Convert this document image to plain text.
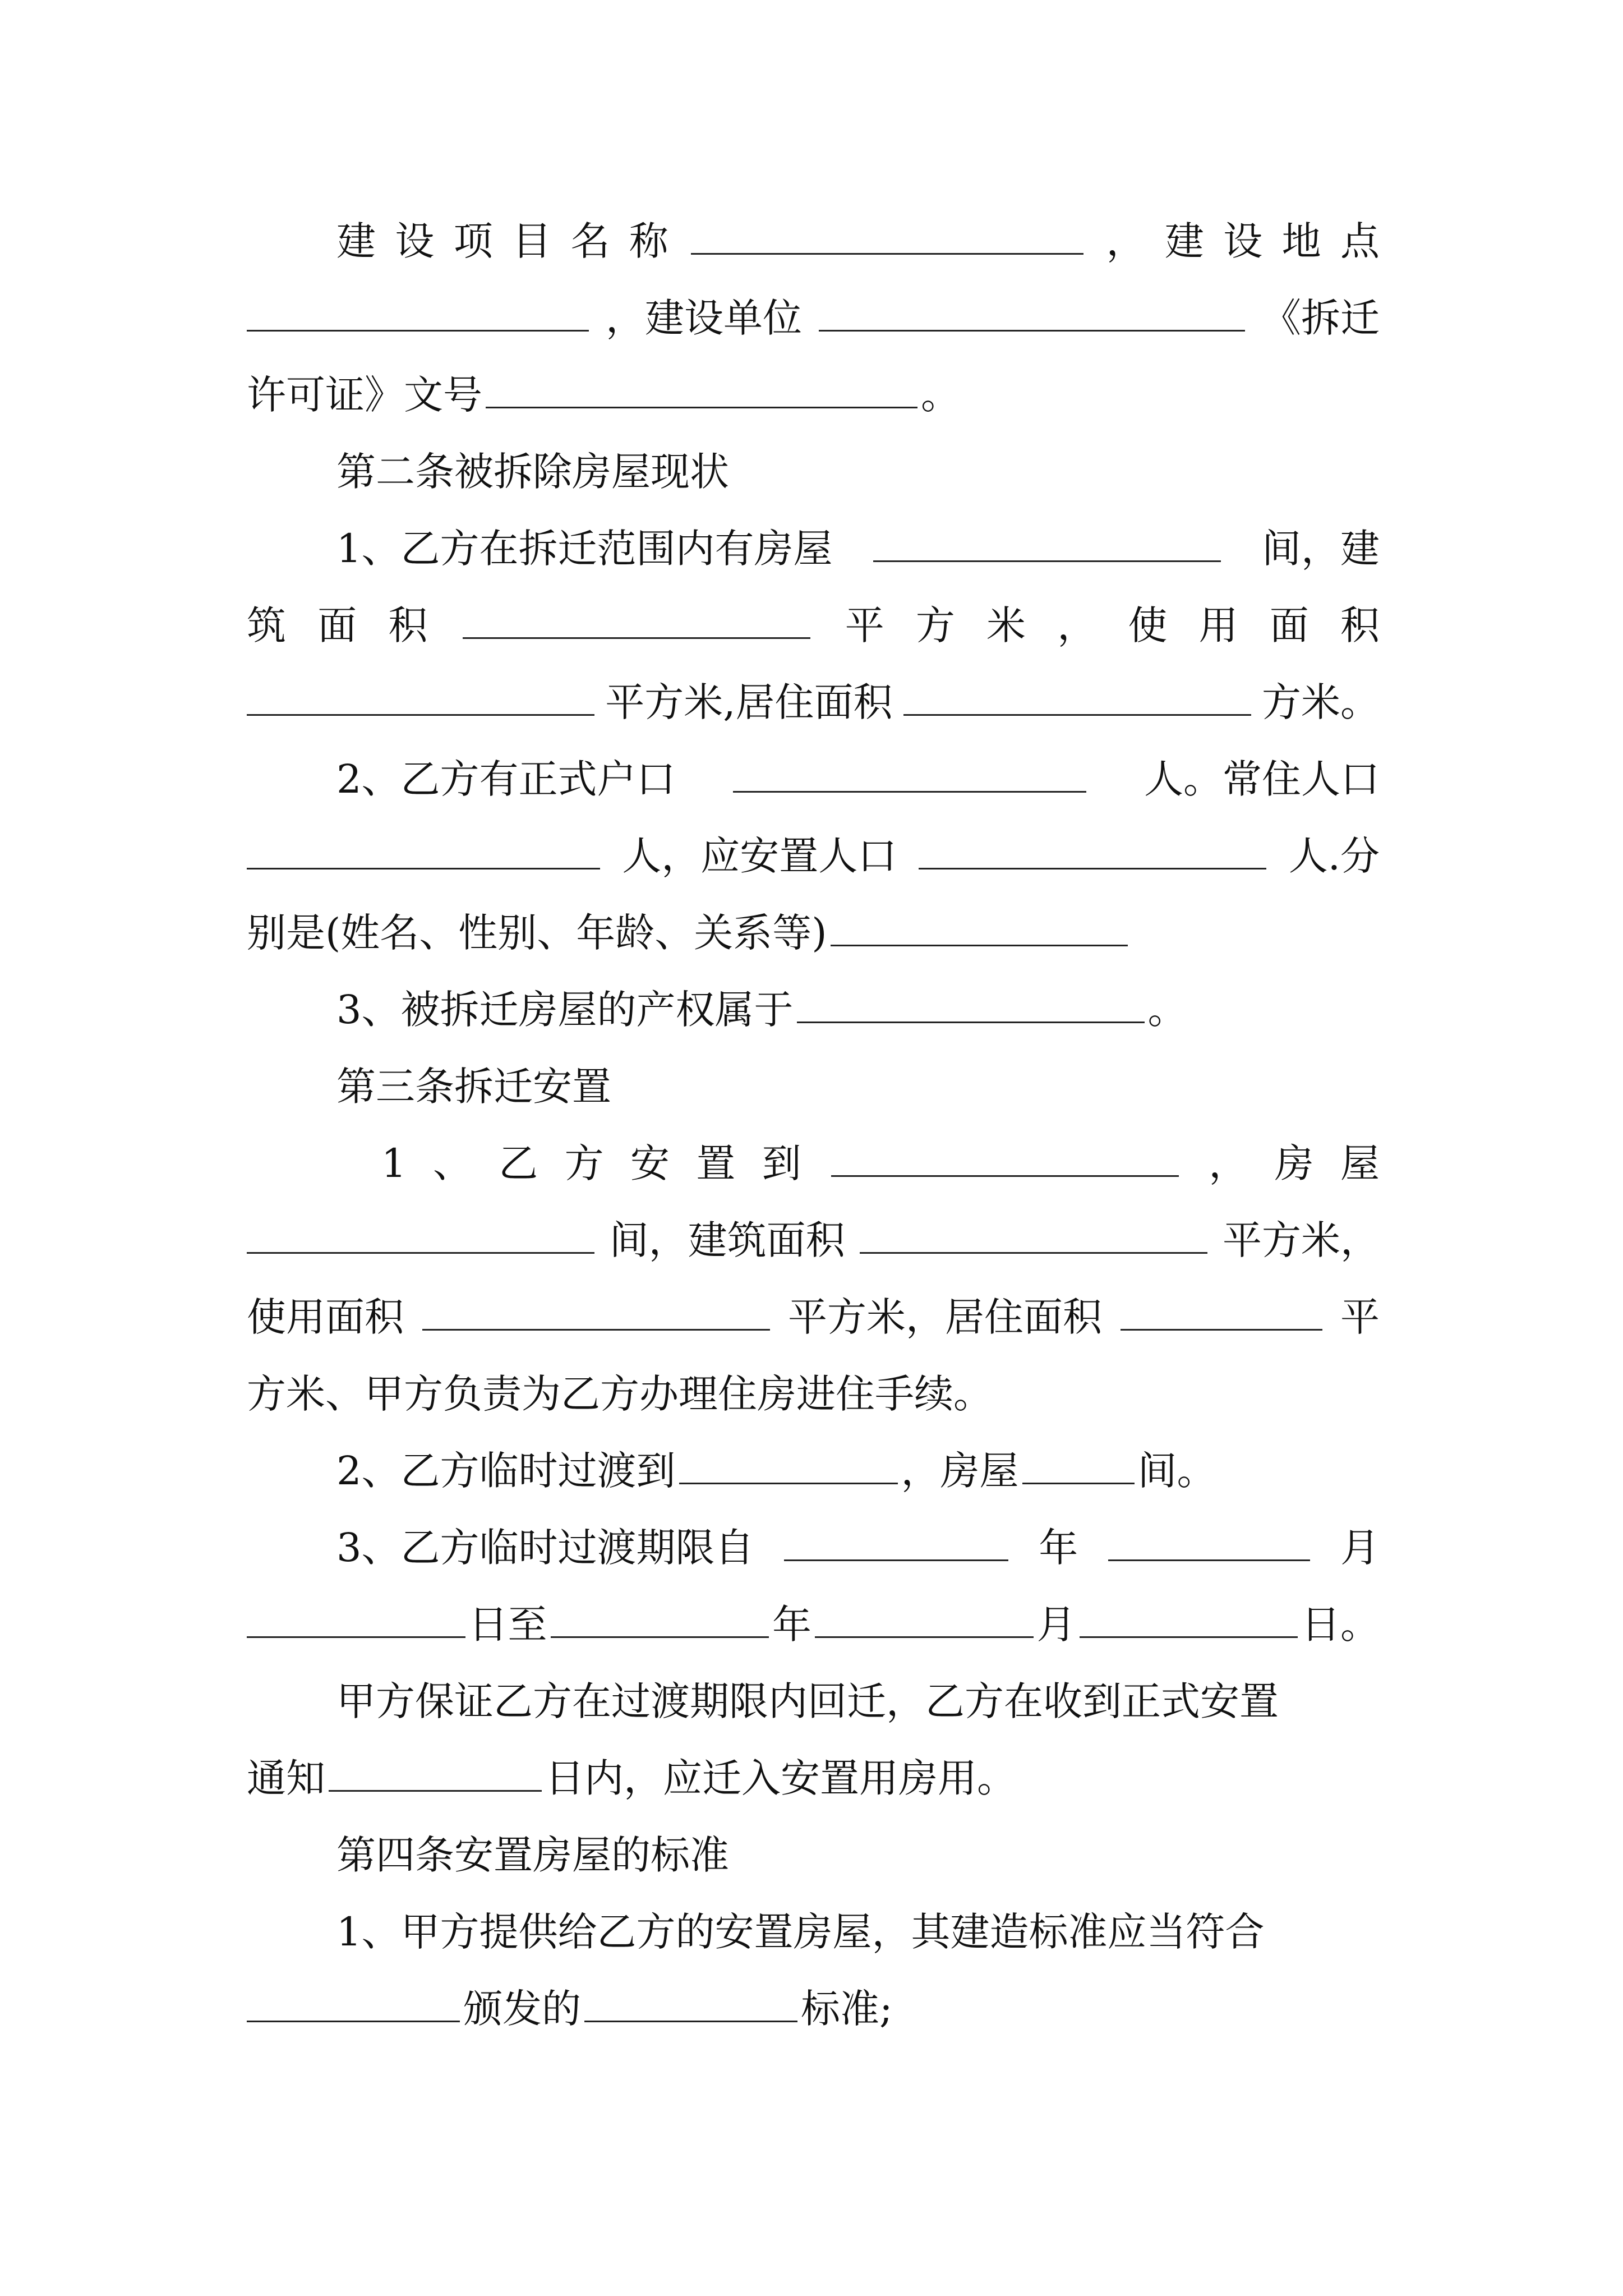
建 设 项 目 名 称	， 建 设 地 点
，建设单位	《拆迁
许可证》文号	。
第二条被拆除房屋现状
1、乙方在拆迁范围内有房屋	间，建
筑 面 积	平 方 米 ， 使 用 面 积
平方米,居住面积	方米。
2、乙方有正式户口	人。常住人口
人，应安置人口	人.分
别是(姓名、性别、年龄、关系等)
3、被拆迁房屋的产权属于	。
第三条拆迁安置
1 、 乙 方 安 置 到	， 房 屋
间，建筑面积	平方米，
使用面积	平方米，居住面积	平
方米、甲方负责为乙方办理住房进住手续。
2、乙方临时过渡到	，房屋	间。
3、乙方临时过渡期限自	年	月
日至	年	月	日。
甲方保证乙方在过渡期限内回迁，乙方在收到正式安置
通知	日内，应迁入安置用房用。
第四条安置房屋的标准
1、甲方提供给乙方的安置房屋，其建造标准应当符合
颁发的	标准;
